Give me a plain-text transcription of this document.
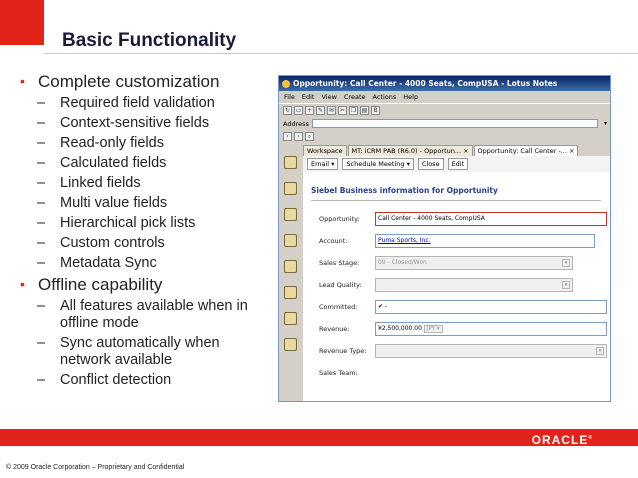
Basic Functionality
• Complete customization
–	Required field validation
–	Context-sensitive fields
–	Read-only fields
–	Calculated fields
–	Linked fields
–	Multi value fields
–	Hierarchical pick lists
–	Custom controls
–	Metadata Sync
• Offline capability
–	All features available when in offline mode
–	Sync automatically when network available
–	Conflict detection
Opportunity: Call Center - 4000 Seats, CompUSA - Lotus Notes
File Edit View Create Actions Help
↻ ▭ + ✎ ✉ ✂ ❐ ▤	B
Address	▾
‹	›	⌕
Workspace	MT: iCRM PAB (R6.0) - Opportun... ×	Opportunity: Call Center -... ×
Email ▾	Schedule Meeting ▾	Close	Edit
Siebel Business information for Opportunity
Opportunity:	Call Center - 4000 Seats, CompUSA
Account:	Puma Sports, Inc.
Sales Stage:	09 - Closed/Won	▾
Lead Quality:	▾
Committed:	✔ -
Revenue:	¥2,500,000.00 JPY ▾
Revenue Type:	▾
Sales Team:
ORACLE®
© 2009 Oracle Corporation – Proprietary and Confidential
